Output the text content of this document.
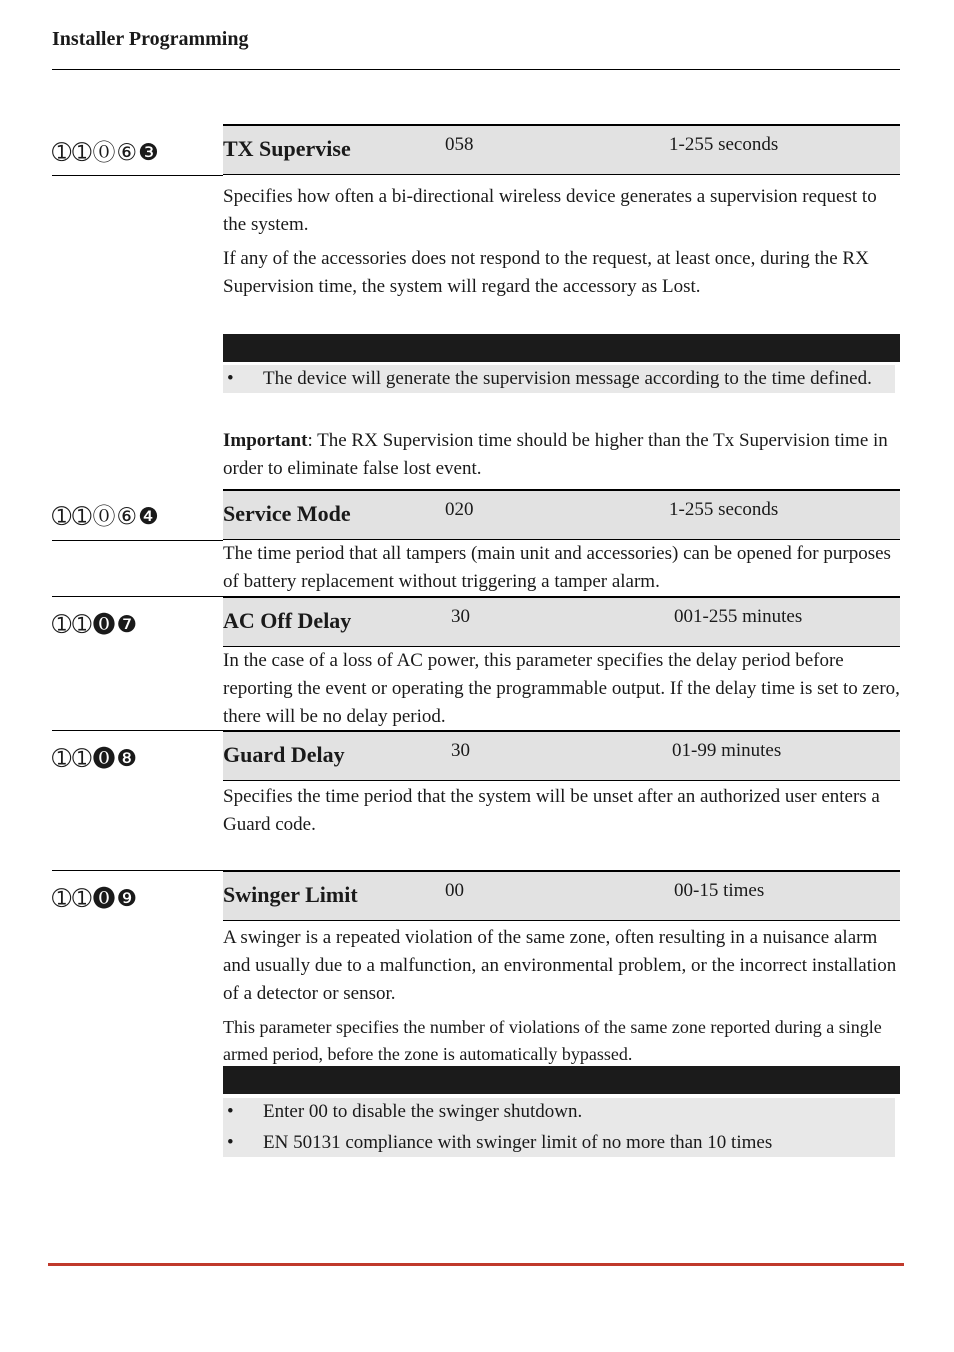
Installer Programming
➀➀⓪⑥❸	TX Supervise	058	1-255 seconds

Specifies how often a bi-directional wireless device generates a supervision request to the system.

If any of the accessories does not respond to the request, at least once, during the RX Supervision time, the system will regard the accessory as Lost.

• The device will generate the supervision message according to the time defined.

Important: The RX Supervision time should be higher than the Tx Supervision time in order to eliminate false lost event.

➀➀⓪⑥❹	Service Mode	020	1-255 seconds

The time period that all tampers (main unit and accessories) can be opened for purposes of battery replacement without triggering a tamper alarm.

➀➀⓿❼	AC Off Delay	30	001-255 minutes

In the case of a loss of AC power, this parameter specifies the delay period before reporting the event or operating the programmable output. If the delay time is set to zero, there will be no delay period.

➀➀⓿❽	Guard Delay	30	01-99 minutes

Specifies the time period that the system will be unset after an authorized user enters a Guard code.

➀➀⓿❾	Swinger Limit	00	00-15 times

A swinger is a repeated violation of the same zone, often resulting in a nuisance alarm and usually due to a malfunction, an environmental problem, or the incorrect installation of a detector or sensor.

This parameter specifies the number of violations of the same zone reported during a single armed period, before the zone is automatically bypassed.

• Enter 00 to disable the swinger shutdown.
• EN 50131 compliance with swinger limit of no more than 10 times
